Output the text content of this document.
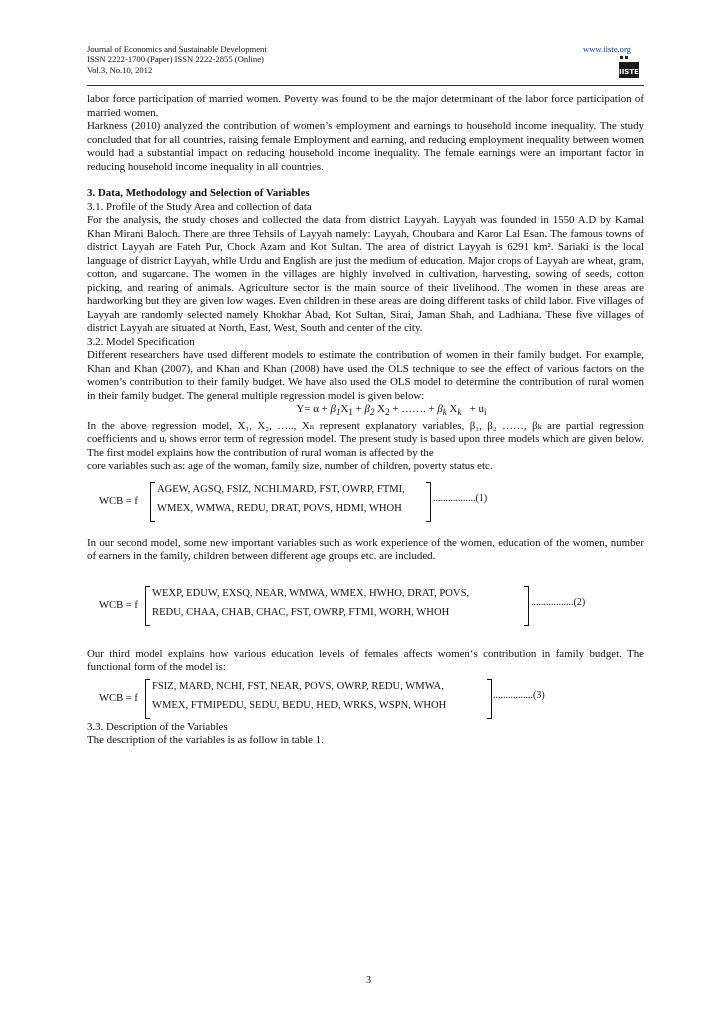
Journal of Economics and Sustainable Development
ISSN 2222-1700 (Paper) ISSN 2222-2855 (Online)
Vol.3, No.10, 2012
www.iiste.org
IISTE

labor force participation of married women. Poverty was found to be the major determinant of the labor force participation of married women.

Harkness (2010) analyzed the contribution of women’s employment and earnings to household income inequality. The study concluded that for all countries, raising female Employment and earning, and reducing employment inequality between women would had a substantial impact on reducing household income inequality. The female earnings were an important factor in reducing household income inequality in all countries.

3. Data, Methodology and Selection of Variables

3.1. Profile of the Study Area and collection of data

For the analysis, the study choses and collected the data from district Layyah. Layyah was founded in 1550 A.D by Kamal Khan Mirani Baloch. There are three Tehsils of Layyah namely: Layyah, Choubara and Karor Lal Esan. The famous towns of district Layyah are Fateh Pur, Chock Azam and Kot Sultan. The area of district Layyah is 6291 km². Sariaki is the local language of district Layyah, while Urdu and English are just the medium of education. Major crops of Layyah are wheat, gram, cotton, and sugarcane. The women in the villages are highly involved in cultivation, harvesting, sowing of seeds, cotton picking, and rearing of animals. Agriculture sector is the main source of their livelihood. The women in these areas are hardworking but they are given low wages. Even children in these areas are doing different tasks of child labor. Five villages of Layyah are randomly selected namely Khokhar Abad, Kot Sultan, Sirai, Jaman Shah, and Ladhiana. These five villages of district Layyah are situated at North, East, West, South and center of the city.

3.2. Model Specification

Different researchers have used different models to estimate the contribution of women in their family budget. For example, Khan and Khan (2007), and Khan and Khan (2008) have used the OLS technique to see the effect of various factors on the women’s contribution to their family budget. We have also used the OLS model to determine the contribution of rural women in their family budget. The general multiple regression model is given below:

$Y= \alpha + \beta_1X_1 + \beta_2$ $X_2$ + ……. + $\beta_k$ $X_k + u_i$

In the above regression model, X₁, X₂, ….., Xₙ represent explanatory variables, β₁, β₂ ……, βₖ are partial regression coefficients and uᵢ shows error term of regression model. The present study is based upon three models which are given below. The first model explains how the contribution of rural woman is affected by the

core variables such as: age of the woman, family size, number of children, poverty status etc.

WCB = f
AGEW, AGSQ, FSIZ, NCHI.MARD, FST, OWRP, FTMI,
WMEX, WMWA, REDU, DRAT, POVS, HDMI, WHOH
.................(1)

In our second model, some new important variables such as work experience of the women, education of the women, number of earners in the family, children between different age groups etc. are included.

WCB = f
WEXP, EDUW, EXSQ, NEAR, WMWA, WMEX, HWHO, DRAT, POVS,
REDU, CHAA, CHAB, CHAC, FST, OWRP, FTMI, WORH, WHOH
.................(2)

Our third model explains how various education levels of females affects women‘s contribution in family budget. The functional form of the model is:

WCB = f
FSIZ, MARD, NCHI, FST, NEAR, POVS, OWRP, REDU, WMWA,
WMEX, FTMIPEDU, SEDU, BEDU, HED, WRKS, WSPN, WHOH
................(3)

3.3. Description of the Variables

The description of the variables is as follow in table 1.

3
